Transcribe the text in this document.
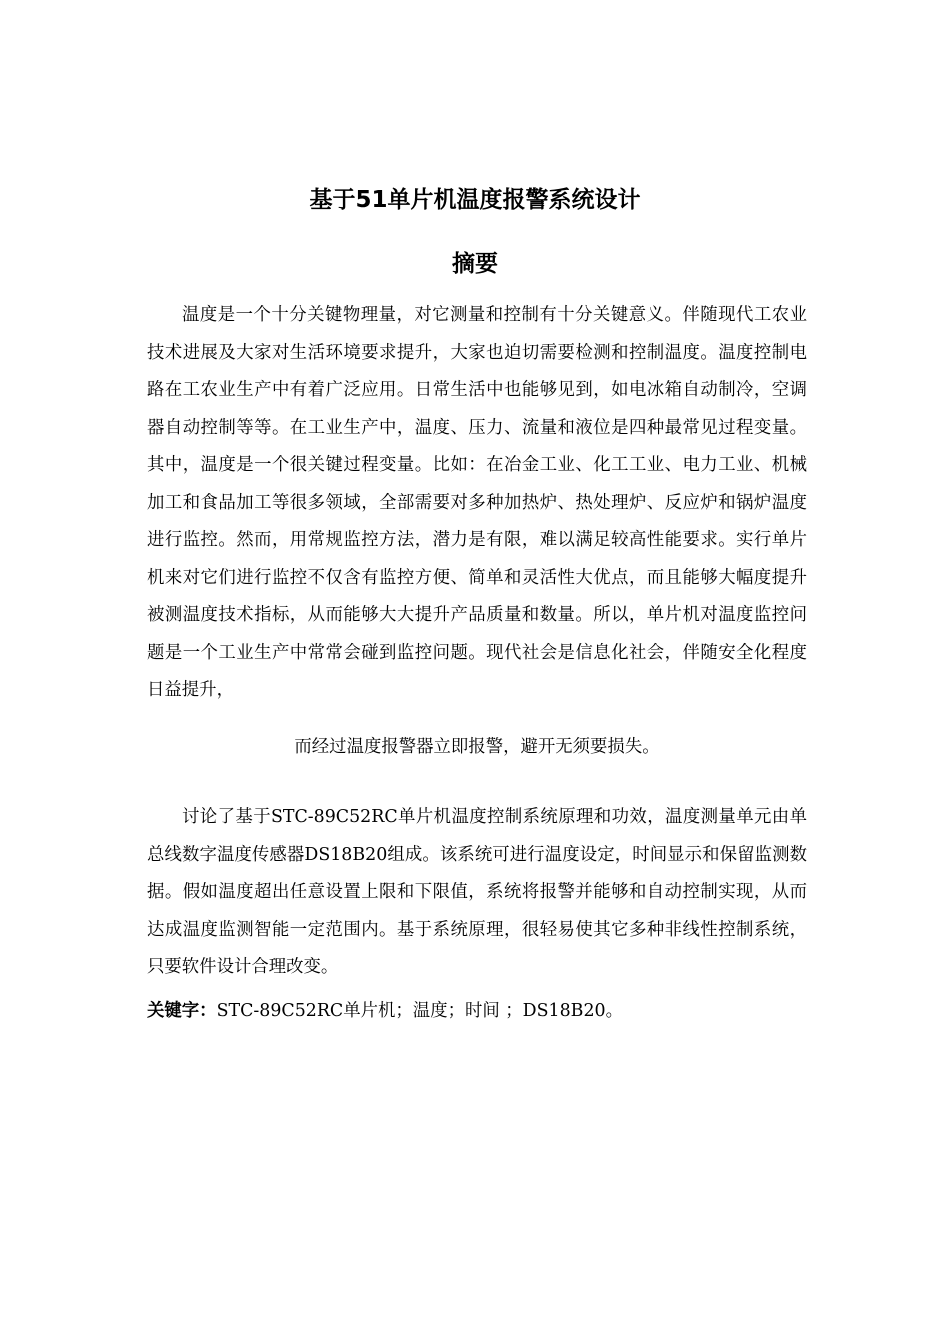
基于51单片机温度报警系统设计
摘要

温度是一个十分关键物理量，对它测量和控制有十分关键意义。伴随现代工农业技术进展及大家对生活环境要求提升，大家也迫切需要检测和控制温度。温度控制电路在工农业生产中有着广泛应用。日常生活中也能够见到，如电冰箱自动制冷，空调器自动控制等等。在工业生产中，温度、压力、流量和液位是四种最常见过程变量。其中，温度是一个很关键过程变量。比如：在冶金工业、化工工业、电力工业、机械加工和食品加工等很多领域，全部需要对多种加热炉、热处理炉、反应炉和锅炉温度进行监控。然而，用常规监控方法，潜力是有限，难以满足较高性能要求。实行单片机来对它们进行监控不仅含有监控方便、简单和灵活性大优点，而且能够大幅度提升被测温度技术指标，从而能够大大提升产品质量和数量。所以，单片机对温度监控问题是一个工业生产中常常会碰到监控问题。现代社会是信息化社会，伴随安全化程度日益提升，

而经过温度报警器立即报警，避开无须要损失。

讨论了基于STC-89C52RC单片机温度控制系统原理和功效，温度测量单元由单总线数字温度传感器DS18B20组成。该系统可进行温度设定，时间显示和保留监测数据。假如温度超出任意设置上限和下限值，系统将报警并能够和自动控制实现，从而达成温度监测智能一定范围内。基于系统原理，很轻易使其它多种非线性控制系统，只要软件设计合理改变。

关键字：STC-89C52RC单片机；温度；时间 ；DS18B20。
